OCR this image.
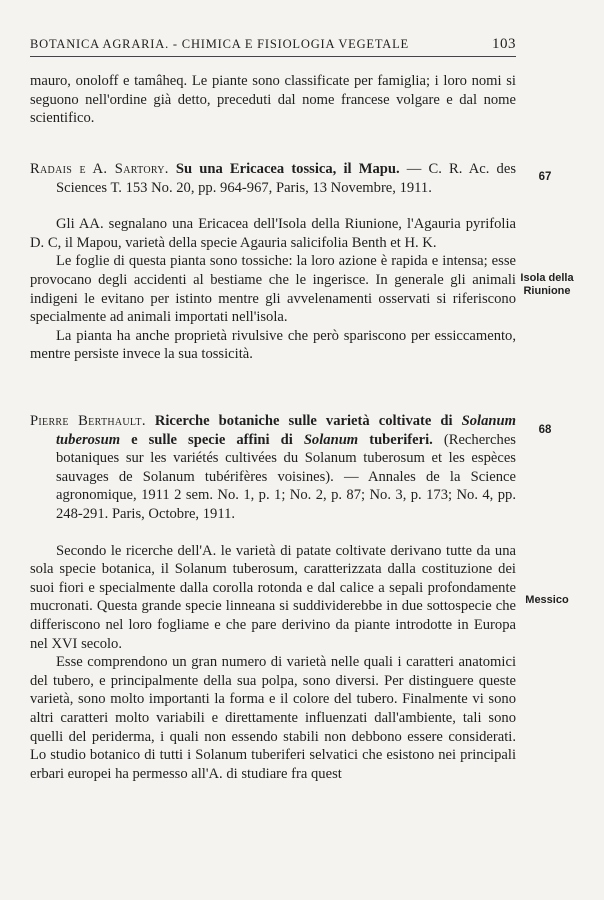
BOTANICA AGRARIA. - CHIMICA E FISIOLOGIA VEGETALE	103

mauro, onoloff e tamâheq. Le piante sono classificate per famiglia; i loro nomi si seguono nell'ordine già detto, preceduti dal nome francese volgare e dal nome scientifico.

67

Radais e A. Sartory. Su una Ericacea tossica, il Mapu. — C. R. Ac. des Sciences T. 153 No. 20, pp. 964-967, Paris, 13 Novembre, 1911.

Gli AA. segnalano una Ericacea dell'Isola della Riunione, l'Agauria pyrifolia D. C, il Mapou, varietà della specie Agauria salicifolia Benth et H. K.

Le foglie di questa pianta sono tossiche: la loro azione è rapida e intensa; esse provocano degli accidenti al bestiame che le ingerisce. In generale gli animali indigeni le evitano per istinto mentre gli avvelenamenti osservati si riferiscono specialmente ad animali importati nell'isola.

La pianta ha anche proprietà rivulsive che però spariscono per essiccamento, mentre persiste invece la sua tossicità.

Isola della Riunione
68

Pierre Berthault. Ricerche botaniche sulle varietà coltivate di Solanum tuberosum e sulle specie affini di Solanum tuberiferi. (Recherches botaniques sur les variétés cultivées du Solanum tuberosum et les espèces sauvages de Solanum tubérifères voisines). — Annales de la Science agronomique, 1911 2 sem. No. 1, p. 1; No. 2, p. 87; No. 3, p. 173; No. 4, pp. 248-291. Paris, Octobre, 1911.

Secondo le ricerche dell'A. le varietà di patate coltivate derivano tutte da una sola specie botanica, il Solanum tuberosum, caratterizzata dalla costituzione dei suoi fiori e specialmente dalla corolla rotonda e dal calice a sepali profondamente mucronati. Questa grande specie linneana si suddividerebbe in due sottospecie che differiscono nel loro fogliame e che pare derivino da piante introdotte in Europa nel XVI secolo.

Esse comprendono un gran numero di varietà nelle quali i caratteri anatomici del tubero, e principalmente della sua polpa, sono diversi. Per distinguere queste varietà, sono molto importanti la forma e il colore del tubero. Finalmente vi sono altri caratteri molto variabili e direttamente influenzati dall'ambiente, tali sono quelli del periderma, i quali non essendo stabili non debbono essere considerati. Lo studio botanico di tutti i Solanum tuberiferi selvatici che esistono nei principali erbari europei ha permesso all'A. di studiare fra quest

Messico
